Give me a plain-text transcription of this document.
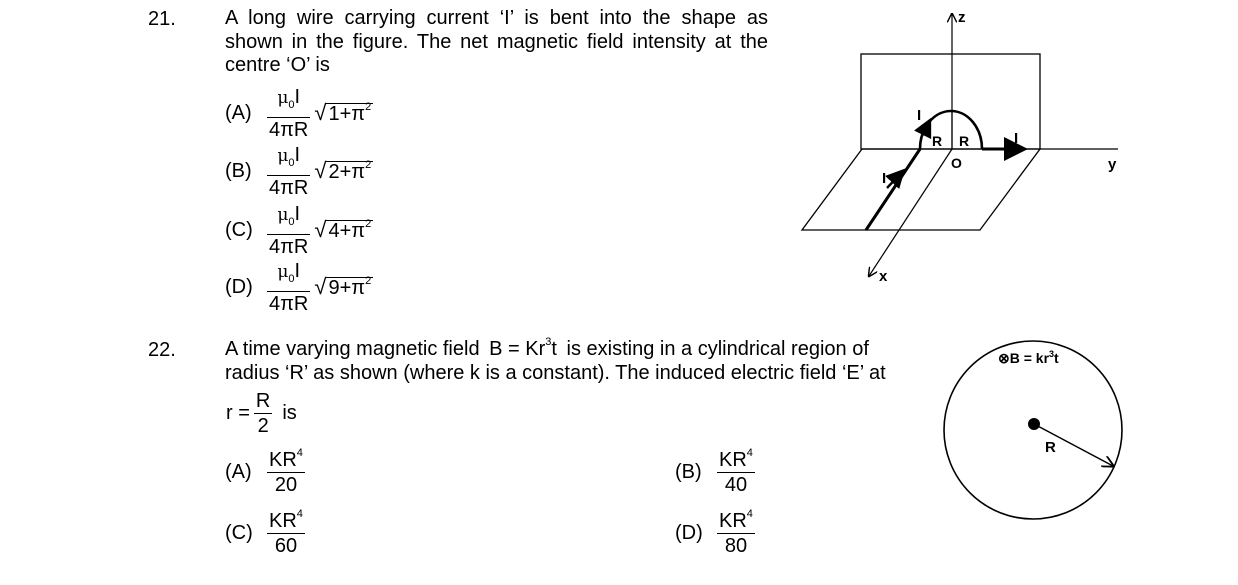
21. A long wire carrying current ‘I’ is bent into the shape as shown in the figure. The net magnetic field intensity at the centre ‘O’ is
$(A) \frac{\mu_0I}{4\pi R}$ √ $1+\pi^2$
$(B) \frac{\mu_0I}{4\pi R}$ √ $2+\pi^2$
$(C) \frac{\mu_0I}{4\pi R}$ √ $4+\pi^2$
$(D) \frac{\mu_0I}{4\pi R}$ √ $9+\pi^2$
z
y
x
O
R R
I
I
I
22. A time varying magnetic field $B = Kr^3t$ is existing in a cylindrical region of
radius ‘R’ as shown (where k is a constant). The induced electric field ‘E’ at
$r = \frac{R}{2}$ is
$(A) \frac{KR^4}{20}$	$(B) \frac{KR^4}{40}$
$(C) \frac{KR^4}{60}$	$(D) \frac{KR^4}{80}$
⊗B = $kr^3t$
R
